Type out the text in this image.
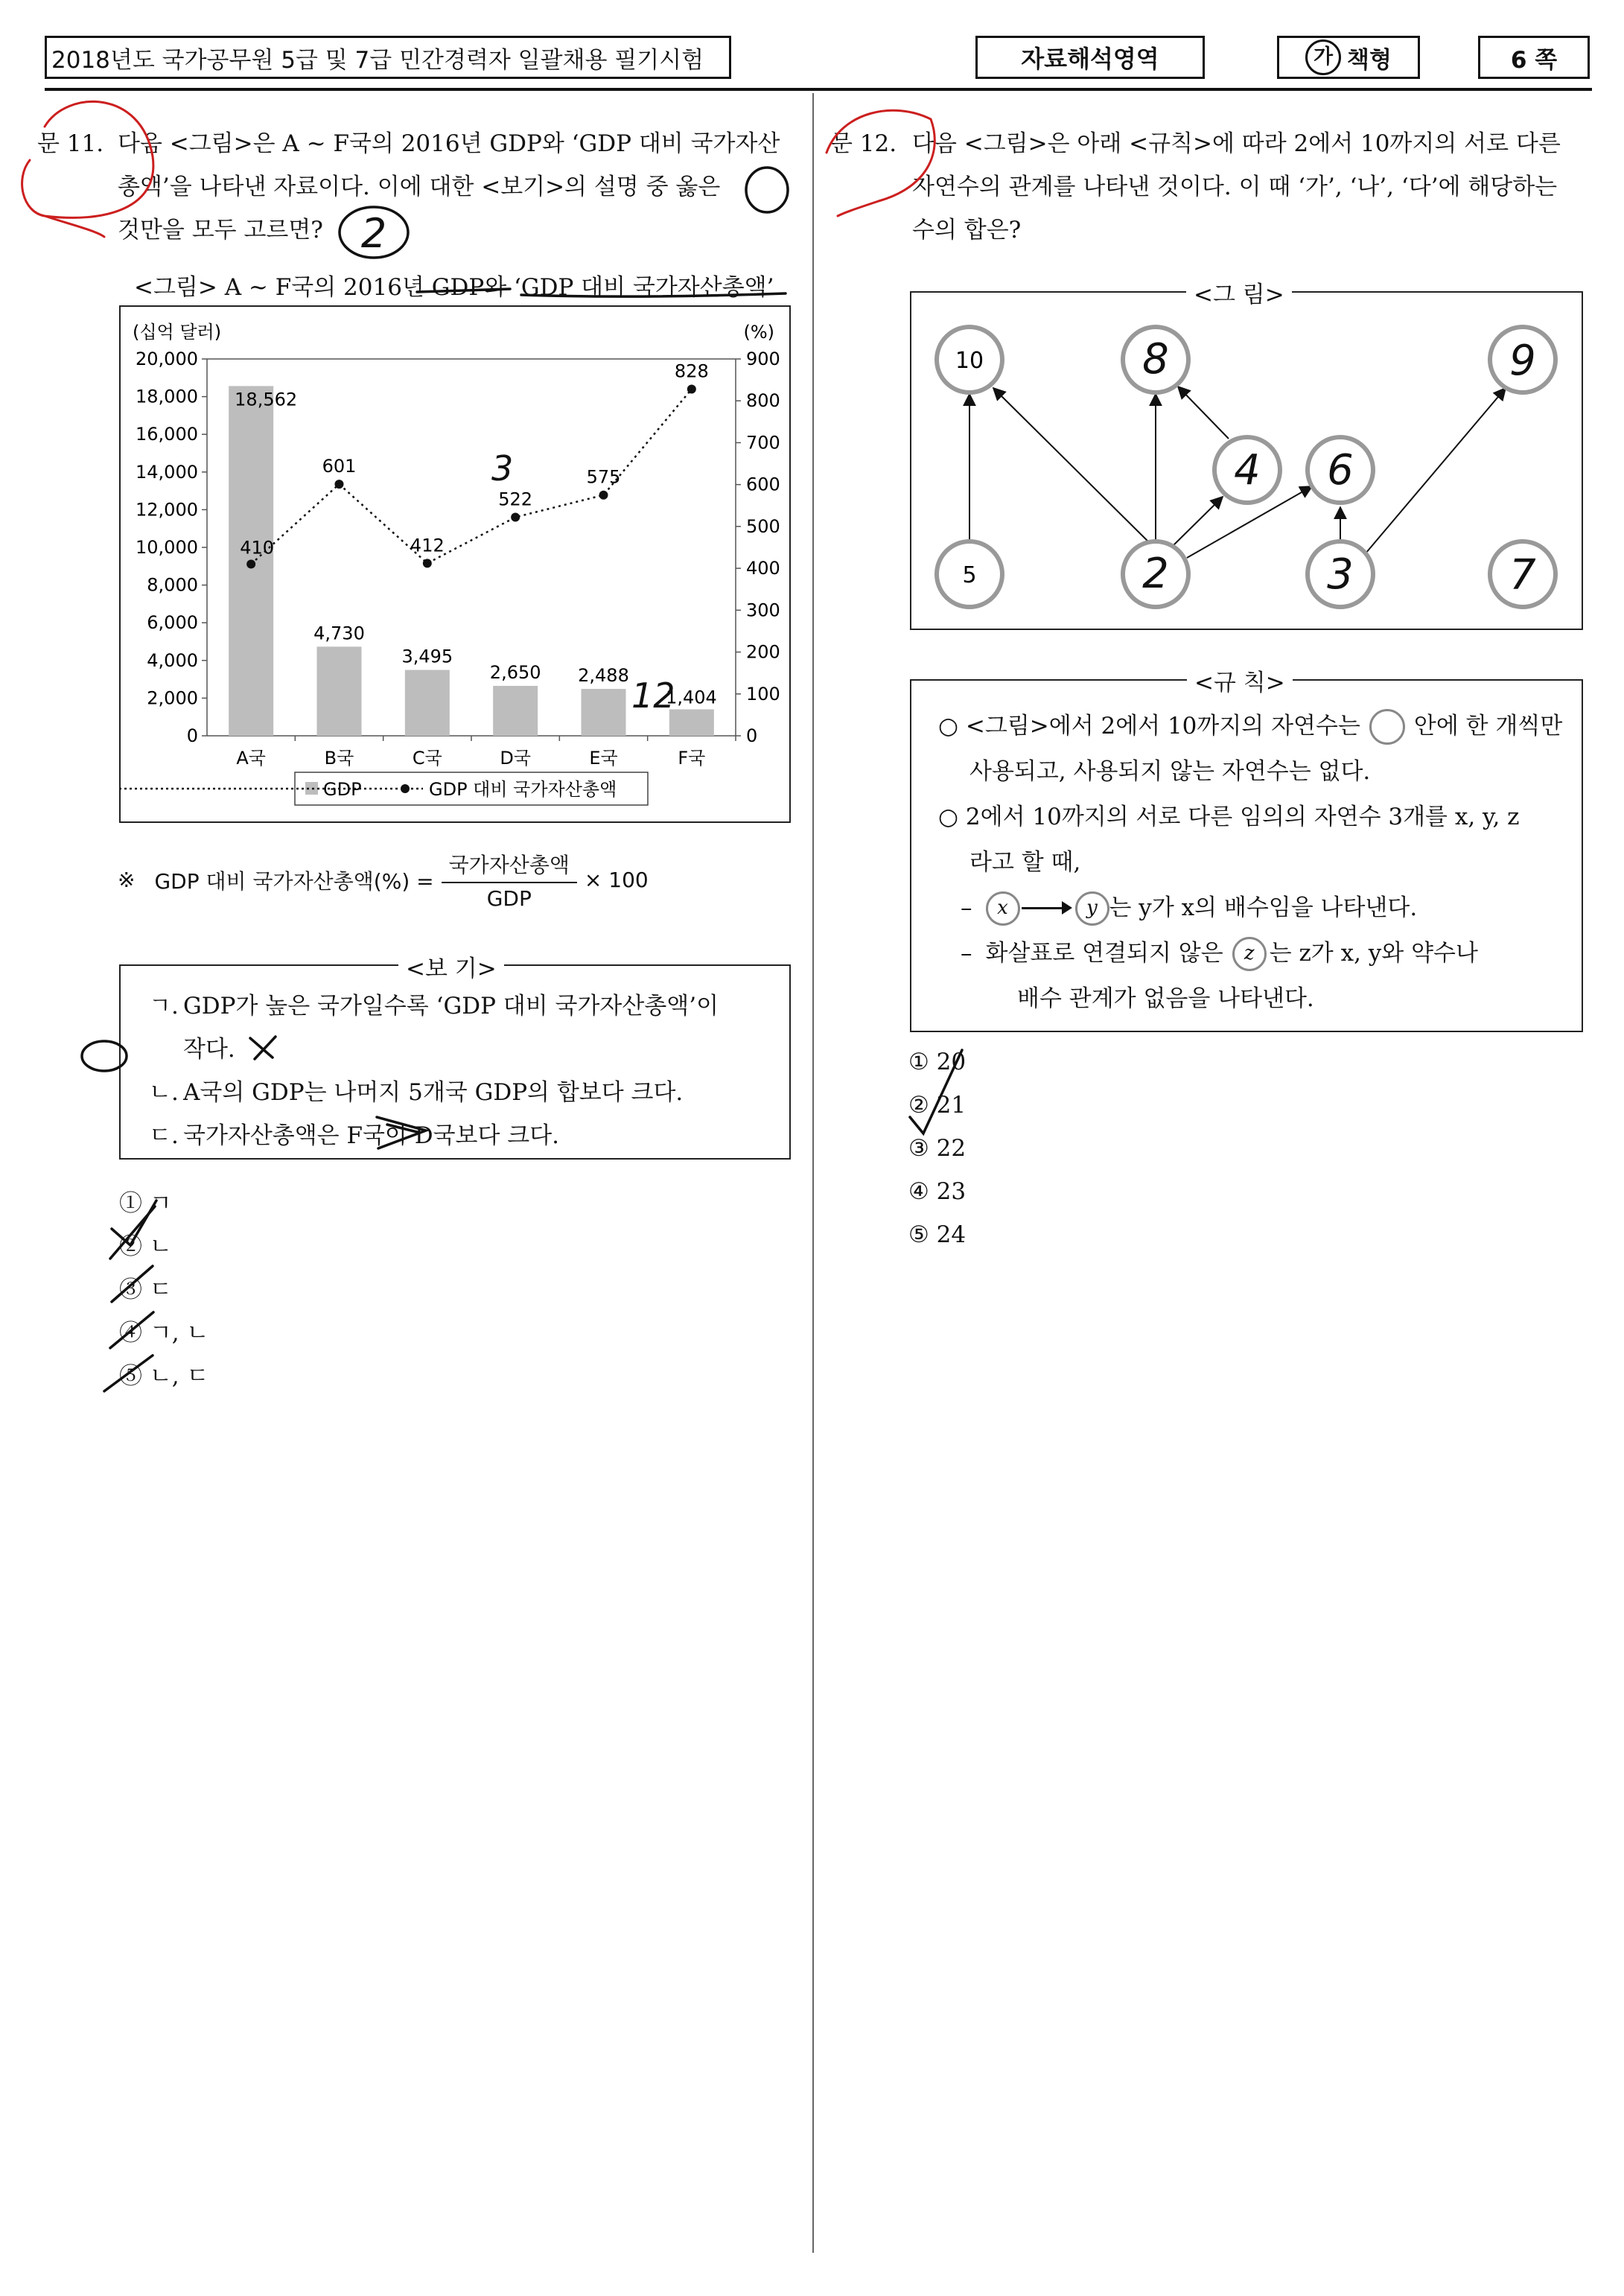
2018년도 국가공무원 5급 및 7급 민간경력자 일괄채용 필기시험	자료해석영역	가 책형	6 쪽
문 11. 다음 <그림>은 A ~ F국의 2016년 GDP와 ‘GDP 대비 국가자산
총액’을 나타낸 자료이다. 이에 대한 <보기>의 설명 중 옳은
것만을 모두 고르면?
<그림> A ~ F국의 2016년 GDP와 ‘GDP 대비 국가자산총액’
(십억 달러)	(%)
0
2,000
4,000
6,000
8,000
10,000
12,000
14,000
16,000
18,000
20,000
0
100
200
300
400
500
600
700
800
900
A국	B국	C국	D국	E국	F국
18,562
4,730
3,495
2,650 2,488
1,404
410
601
412
522
575
828
GDP	GDP 대비 국가자산총액
※ GDP 대비 국가자산총액(%) =
국가자산총액
GDP
× 100
<보 기>
ㄱ. GDP가 높은 국가일수록 ‘GDP 대비 국가자산총액’이
작다.
ㄴ. A국의 GDP는 나머지 5개국 GDP의 합보다 크다.
ㄷ. 국가자산총액은 F국이 D국보다 크다.
① ㄱ
② ㄴ
③ ㄷ
④ ㄱ, ㄴ
⑤ ㄴ, ㄷ
문 12. 다음 <그림>은 아래 <규칙>에 따라 2에서 10까지의 서로 다른
자연수의 관계를 나타낸 것이다. 이 때 ‘가’, ‘나’, ‘다’에 해당하는
수의 합은?
<그 림>
10
5
8	9
4 6
2	3	7
<규 칙>
○ <그림>에서 2에서 10까지의 자연수는 안에 한 개씩만
사용되고, 사용되지 않는 자연수는 없다.
○ 2에서 10까지의 서로 다른 임의의 자연수 3개를 x, y, z
라고 할 때,
–	x	y 는 y가 x의 배수임을 나타낸다.
– 화살표로 연결되지 않은	z 는 z가 x, y와 약수나
배수 관계가 없음을 나타낸다.
① 20
② 21
③ 22
④ 23
⑤ 24
2
3
12
